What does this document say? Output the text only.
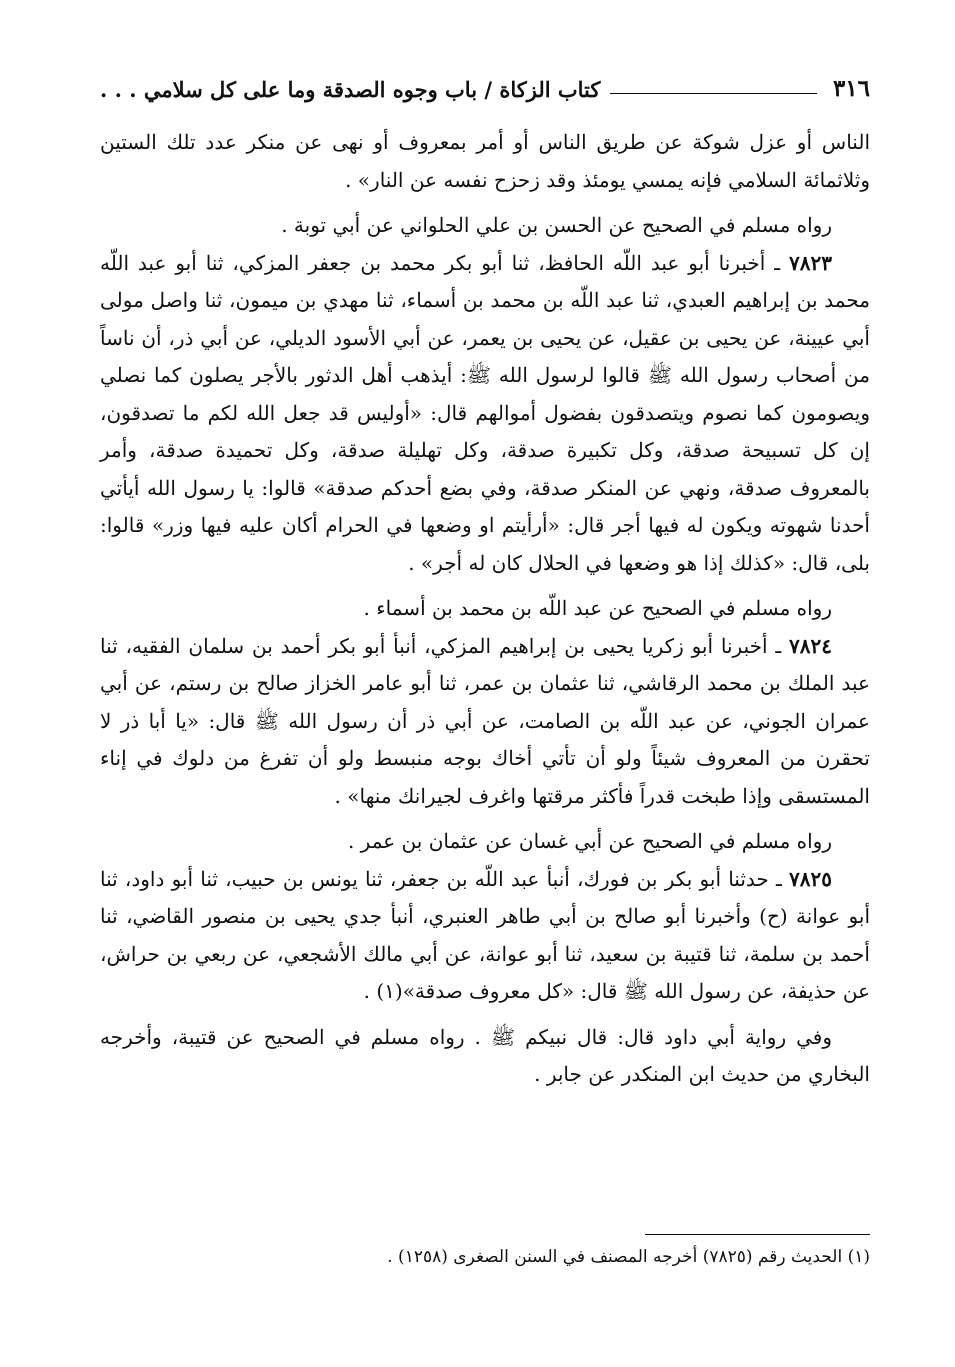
٣١٦
كتاب الزكاة / باب وجوه الصدقة وما على كل سلامي . . .

الناس أو عزل شوكة عن طريق الناس أو أمر بمعروف أو نهى عن منكر عدد تلك الستين وثلاثمائة السلامي فإنه يمسي يومئذ وقد زحزح نفسه عن النار» .

رواه مسلم في الصحيح عن الحسن بن علي الحلواني عن أبي توبة .

٧٨٢٣ ـ أخبرنا أبو عبد اللّه الحافظ، ثنا أبو بكر محمد بن جعفر المزكي، ثنا أبو عبد اللّه محمد بن إبراهيم العبدي، ثنا عبد اللّه بن محمد بن أسماء، ثنا مهدي بن ميمون، ثنا واصل مولى أبي عيينة، عن يحيى بن عقيل، عن يحيى بن يعمر، عن أبي الأسود الديلي، عن أبي ذر، أن ناساً من أصحاب رسول الله ﷺ قالوا لرسول الله ﷺ: أيذهب أهل الدثور بالأجر يصلون كما نصلي ويصومون كما نصوم ويتصدقون بفضول أموالهم قال: «أوليس قد جعل الله لكم ما تصدقون، إن كل تسبيحة صدقة، وكل تكبيرة صدقة، وكل تهليلة صدقة، وكل تحميدة صدقة، وأمر بالمعروف صدقة، ونهي عن المنكر صدقة، وفي بضع أحدكم صدقة» قالوا: يا رسول الله أيأتي أحدنا شهوته ويكون له فيها أجر قال: «أرأيتم او وضعها في الحرام أكان عليه فيها وزر» قالوا: بلى، قال: «كذلك إذا هو وضعها في الحلال كان له أجر» .

رواه مسلم في الصحيح عن عبد اللّه بن محمد بن أسماء .

٧٨٢٤ ـ أخبرنا أبو زكريا يحيى بن إبراهيم المزكي، أنبأ أبو بكر أحمد بن سلمان الفقيه، ثنا عبد الملك بن محمد الرقاشي، ثنا عثمان بن عمر، ثنا أبو عامر الخزاز صالح بن رستم، عن أبي عمران الجوني، عن عبد اللّه بن الصامت، عن أبي ذر أن رسول الله ﷺ قال: «يا أبا ذر لا تحقرن من المعروف شيئاً ولو أن تأتي أخاك بوجه منبسط ولو أن تفرغ من دلوك في إناء المستسقى وإذا طبخت قدراً فأكثر مرقتها واغرف لجيرانك منها» .

رواه مسلم في الصحيح عن أبي غسان عن عثمان بن عمر .

٧٨٢٥ ـ حدثنا أبو بكر بن فورك، أنبأ عبد اللّه بن جعفر، ثنا يونس بن حبيب، ثنا أبو داود، ثنا أبو عوانة (ح) وأخبرنا أبو صالح بن أبي طاهر العنبري، أنبأ جدي يحيى بن منصور القاضي، ثنا أحمد بن سلمة، ثنا قتيبة بن سعيد، ثنا أبو عوانة، عن أبي مالك الأشجعي، عن ربعي بن حراش، عن حذيفة، عن رسول الله ﷺ قال: «كل معروف صدقة»(١) .

وفي رواية أبي داود قال: قال نبيكم ﷺ . رواه مسلم في الصحيح عن قتيبة، وأخرجه البخاري من حديث ابن المنكدر عن جابر .

(١) الحديث رقم (٧٨٢٥) أخرجه المصنف في السنن الصغرى (١٢٥٨) .
